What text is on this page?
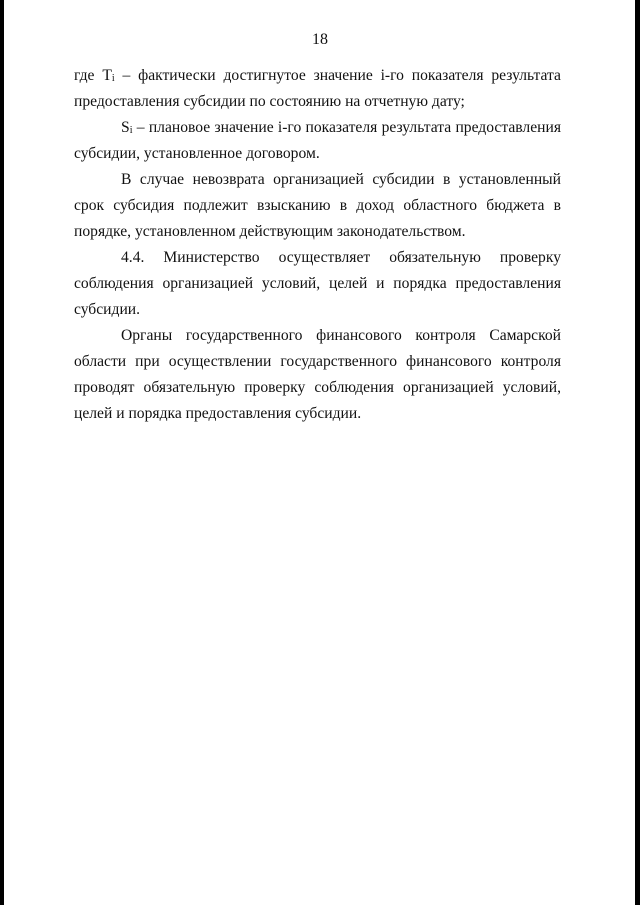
18

где $T_i$ – фактически достигнутое значение i-го показателя результата предоставления субсидии по состоянию на отчетную дату;

$S_i$ – плановое значение i-го показателя результата предоставления субсидии, установленное договором.

В случае невозврата организацией субсидии в установленный срок субсидия подлежит взысканию в доход областного бюджета в порядке, установленном действующим законодательством.

4.4. Министерство осуществляет обязательную проверку соблюдения организацией условий, целей и порядка предоставления субсидии.

Органы государственного финансового контроля Самарской области при осуществлении государственного финансового контроля проводят обязательную проверку соблюдения организацией условий, целей и порядка предоставления субсидии.
